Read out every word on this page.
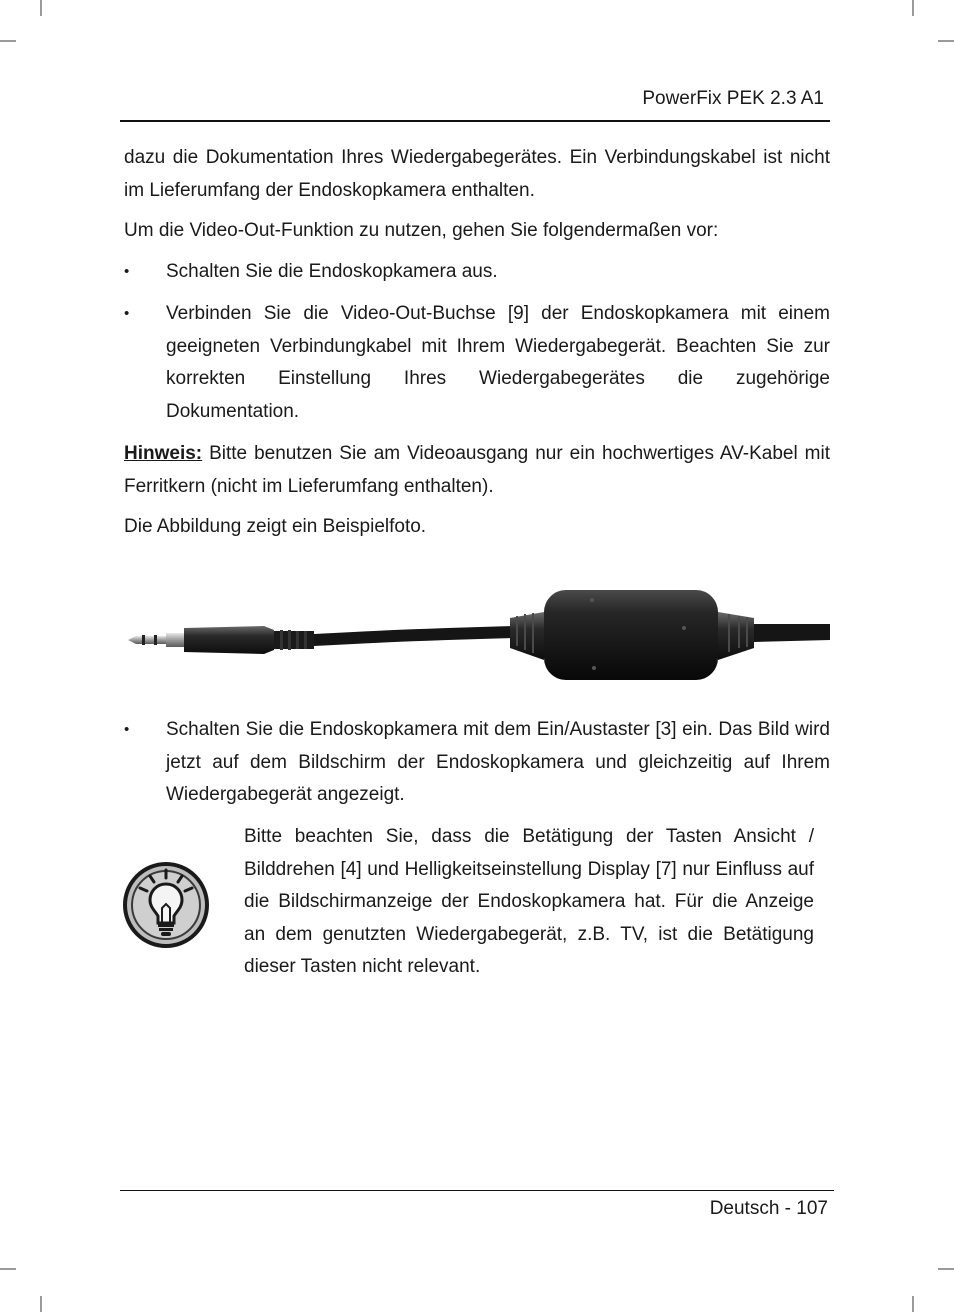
PowerFix PEK 2.3 A1
dazu die Dokumentation Ihres Wiedergabegerätes. Ein Verbindungskabel ist nicht im Lieferumfang der Endoskopkamera enthalten.
Um die Video-Out-Funktion zu nutzen, gehen Sie folgendermaßen vor:
•	Schalten Sie die Endoskopkamera aus.
•	Verbinden Sie die Video-Out-Buchse [9] der Endoskopkamera mit einem geeigneten Verbindungkabel mit Ihrem Wiedergabegerät. Beachten Sie zur korrekten Einstellung Ihres Wiedergabegerätes die zugehörige Dokumentation.
Hinweis: Bitte benutzen Sie am Videoausgang nur ein hochwertiges AV-Kabel mit Ferritkern (nicht im Lieferumfang enthalten).
Die Abbildung zeigt ein Beispielfoto.
•	Schalten Sie die Endoskopkamera mit dem Ein/Austaster [3] ein. Das Bild wird jetzt auf dem Bildschirm der Endoskopkamera und gleichzeitig auf Ihrem Wiedergabegerät angezeigt.
Bitte beachten Sie, dass die Betätigung der Tasten Ansicht / Bilddrehen [4] und Helligkeitseinstellung Display [7] nur Einfluss auf die Bildschirmanzeige der Endoskopkamera hat. Für die Anzeige an dem genutzten Wiedergabegerät, z.B. TV, ist die Betätigung dieser Tasten nicht relevant.
Deutsch - 107
